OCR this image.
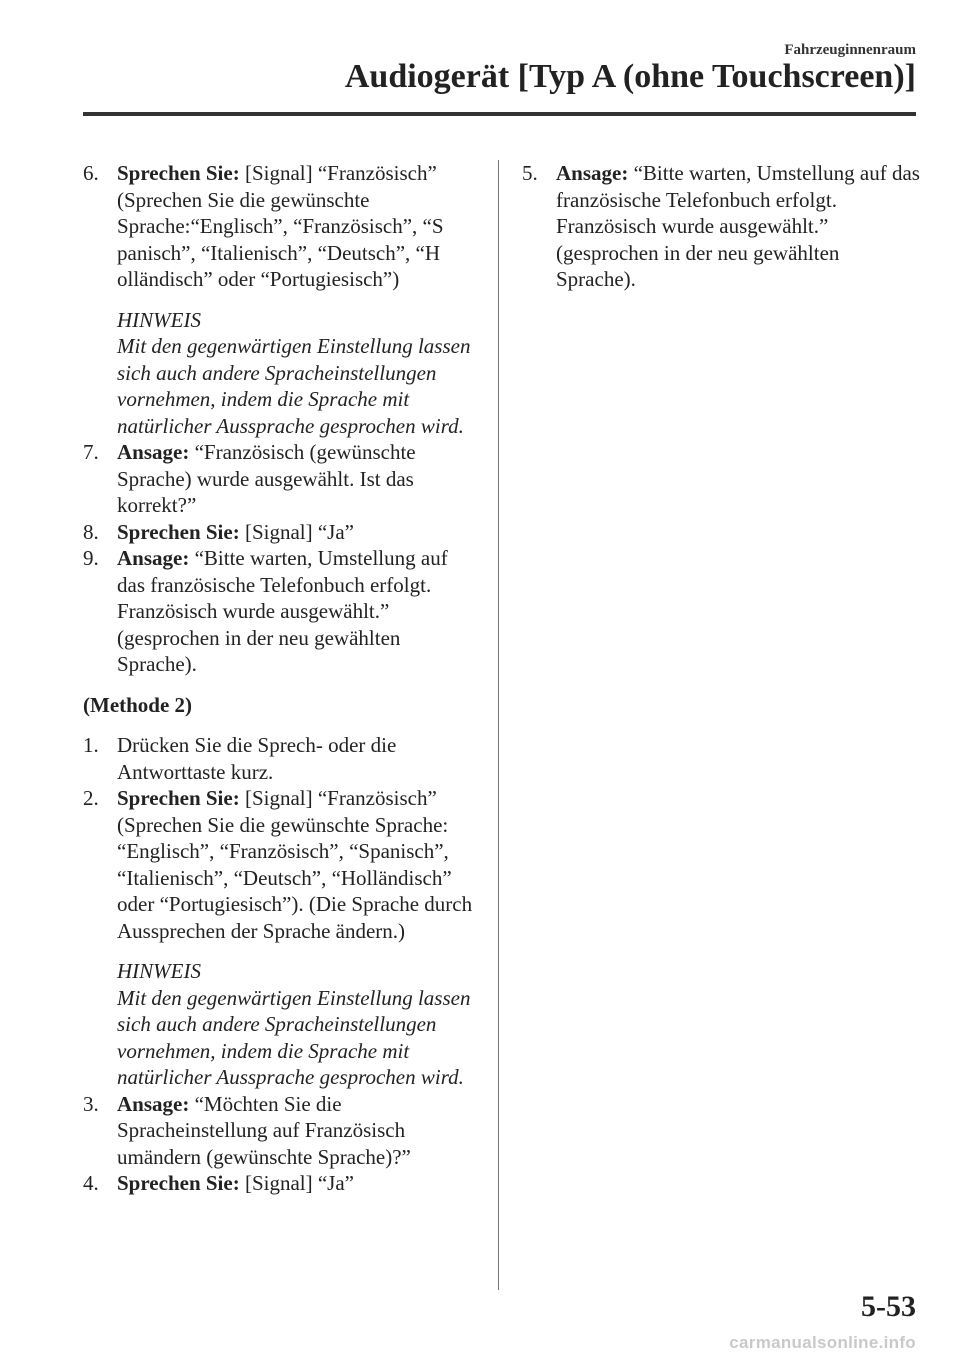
Fahrzeuginnenraum
Audiogerät [Typ A (ohne Touchscreen)]

6. Sprechen Sie: [Signal] “Französisch” (Sprechen Sie die gewünschte Sprache:“Englisch”, “Französisch”, “S panisch”, “Italienisch”, “Deutsch”, “H olländisch” oder “Portugiesisch”)

HINWEIS
Mit den gegenwärtigen Einstellung lassen sich auch andere Spracheinstellungen vornehmen, indem die Sprache mit natürlicher Aussprache gesprochen wird.

7. Ansage: “Französisch (gewünschte Sprache) wurde ausgewählt. Ist das korrekt?”

8. Sprechen Sie: [Signal] “Ja”

9. Ansage: “Bitte warten, Umstellung auf das französische Telefonbuch erfolgt. Französisch wurde ausgewählt.” (gesprochen in der neu gewählten Sprache).

(Methode 2)

1. Drücken Sie die Sprech- oder die Antworttaste kurz.

2. Sprechen Sie: [Signal] “Französisch” (Sprechen Sie die gewünschte Sprache: “Englisch”, “Französisch”, “Spanisch”, “Italienisch”, “Deutsch”, “Holländisch” oder “Portugiesisch”). (Die Sprache durch Aussprechen der Sprache ändern.)

HINWEIS
Mit den gegenwärtigen Einstellung lassen sich auch andere Spracheinstellungen vornehmen, indem die Sprache mit natürlicher Aussprache gesprochen wird.

3. Ansage: “Möchten Sie die Spracheinstellung auf Französisch umändern (gewünschte Sprache)?”

4. Sprechen Sie: [Signal] “Ja”

5. Ansage: “Bitte warten, Umstellung auf das französische Telefonbuch erfolgt. Französisch wurde ausgewählt.” (gesprochen in der neu gewählten Sprache).

5-53
carmanualsonline.info
